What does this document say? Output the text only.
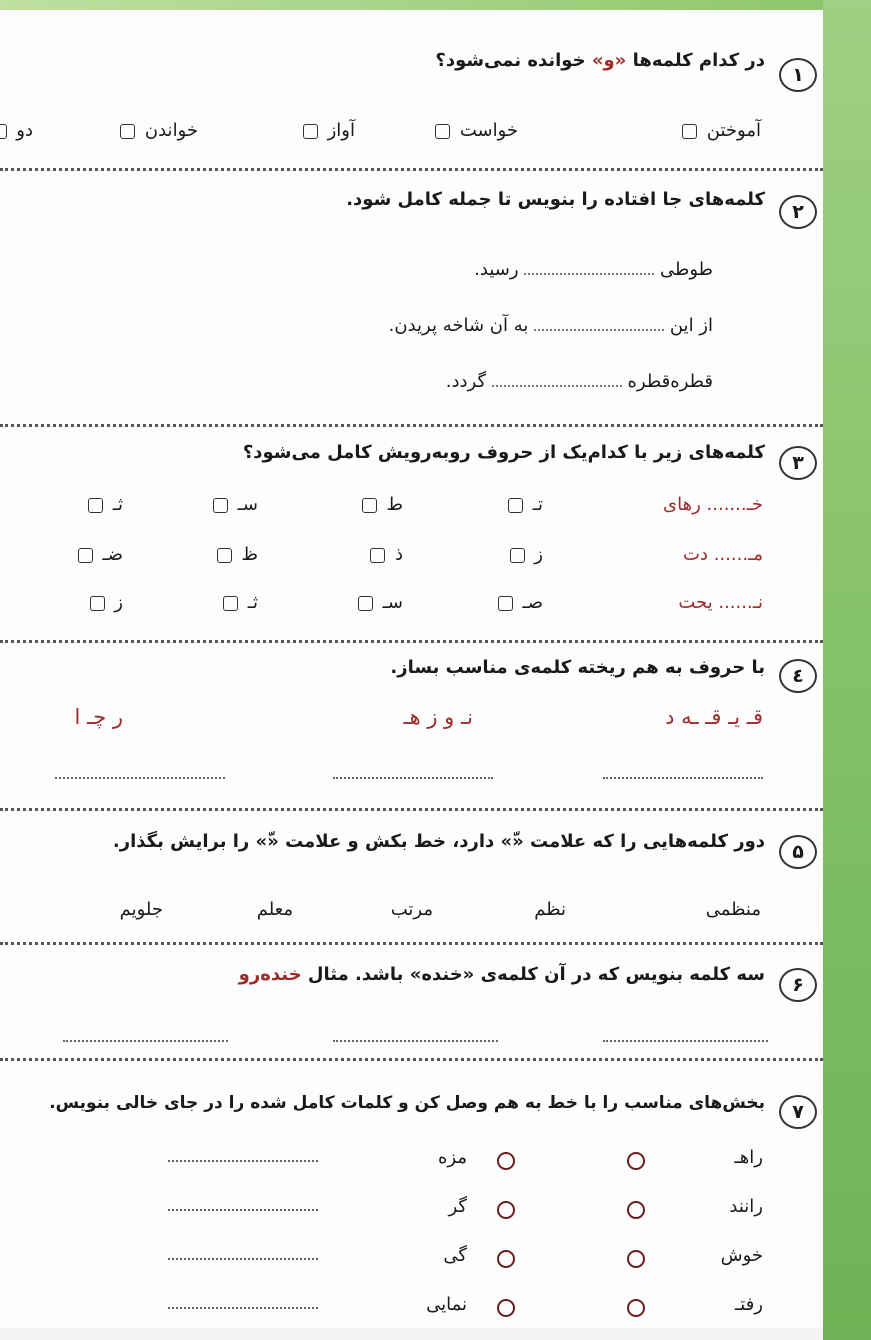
۱
در کدام کلمه‌ها «و» خوانده نمی‌شود؟
آموختن
خواست
آواز
خواندن
دو
۲
کلمه‌های جا افتاده را بنویس تا جمله کامل شود.
طوطی  رسید.
از این  به آن شاخه پریدن.
قطره‌قطره  گردد.
۳
کلمه‌های زیر با کدام‌یک از حروف روبه‌رویش کامل می‌شود؟
خـ....... رهای
تـ
ط
سـ
ثـ
مـ...... دت
ز
ذ
ظ
ضـ
نـ...... یحت
صـ
سـ
ثـ
ز
٤
با حروف به هم ریخته کلمه‌ی مناسب بساز.
قـ یـ قـ ـه د
نـ و ز هـ
ر چـ ا
۵
دور کلمه‌هایی را که علامت «ّ» دارد، خط بکش و علامت «ّ» را برایش بگذار.
منظمی
نظم
مرتب
معلم
جلویم
۶
سه کلمه بنویس که در آن کلمه‌ی «خنده» باشد. مثال خنده‌رو
۷
بخش‌های مناسب را با خط به هم وصل کن و کلمات کامل شده را در جای خالی بنویس.
راهـ
رانند
خوش
رفتـ
مزه
گر
گی
نمایی
